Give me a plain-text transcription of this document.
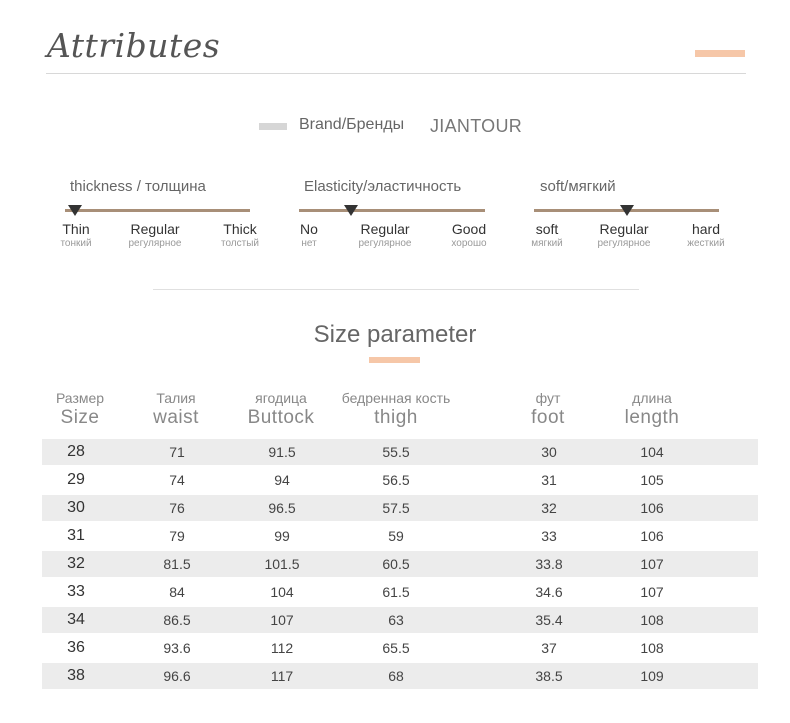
Attributes
Brand/Бренды	JIANTOUR
thickness / толщина
Thin
тонкий
Regular
регулярное
Thick
толстый
Elasticity/эластичность
No
нет
Regular
регулярное
Good
хорошо
soft/мягкий
soft
мягкий
Regular
регулярное
hard
жесткий
Size parameter
Размер
Size
Талия
waist
ягодица
Buttock
бедренная кость
thigh
фут
foot
длина
length
28	71	91.5	55.5	30	104
29	74	94	56.5	31	105
30	76	96.5	57.5	32	106
31	79	99	59	33	106
32	81.5	101.5	60.5	33.8	107
33	84	104	61.5	34.6	107
34	86.5	107	63	35.4	108
36	93.6	112	65.5	37	108
38	96.6	117	68	38.5	109
